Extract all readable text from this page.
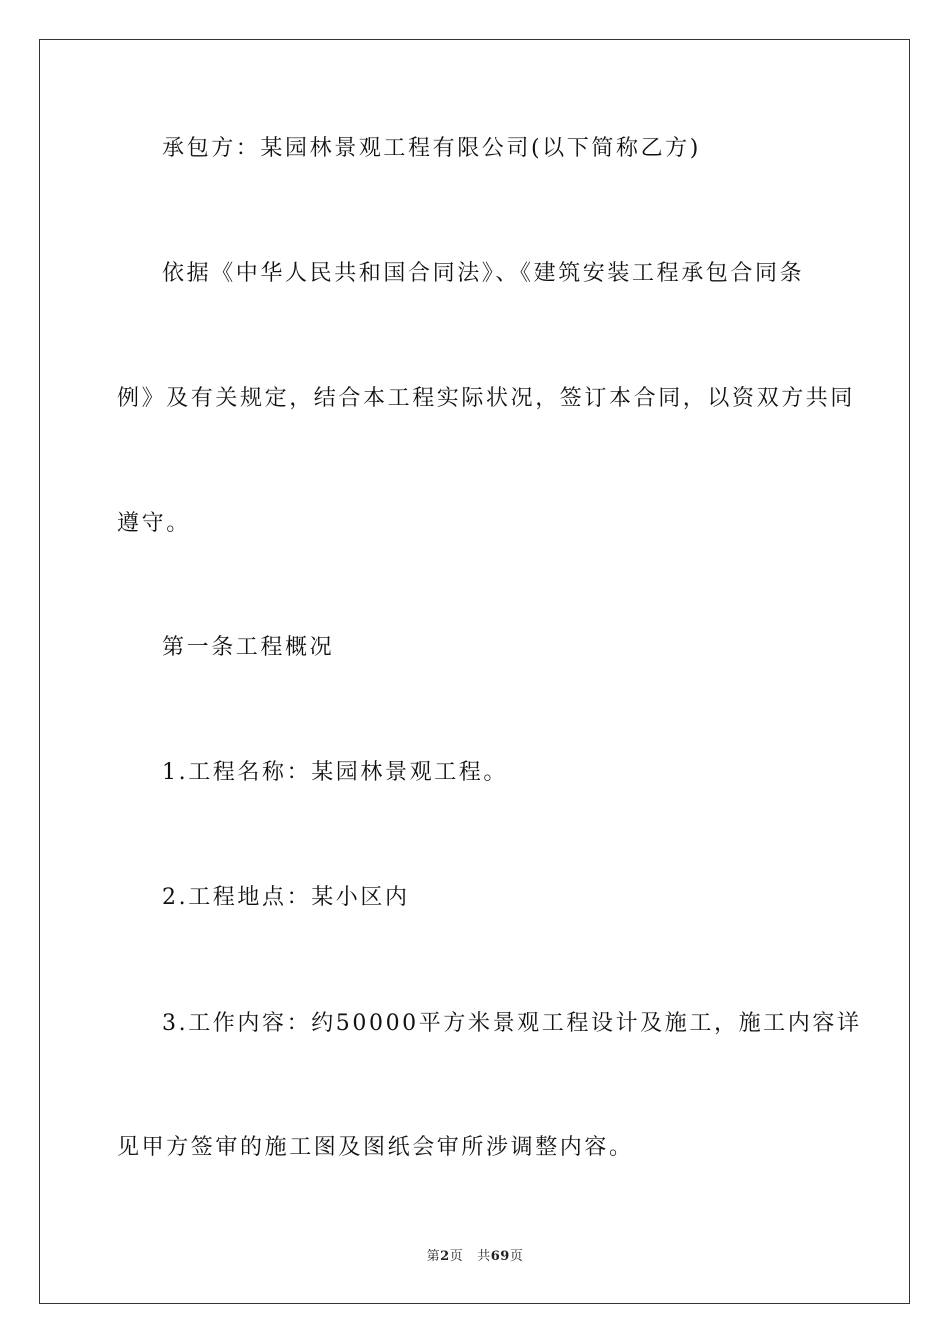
承包方：某园林景观工程有限公司(以下简称乙方)
依据《中华人民共和国合同法》、《建筑安装工程承包合同条
例》及有关规定，结合本工程实际状况，签订本合同，以资双方共同
遵守。
第一条工程概况
1.工程名称：某园林景观工程。
2.工程地点：某小区内
3.工作内容：约50000平方米景观工程设计及施工，施工内容详
见甲方签审的施工图及图纸会审所涉调整内容。
第2页 共69页
